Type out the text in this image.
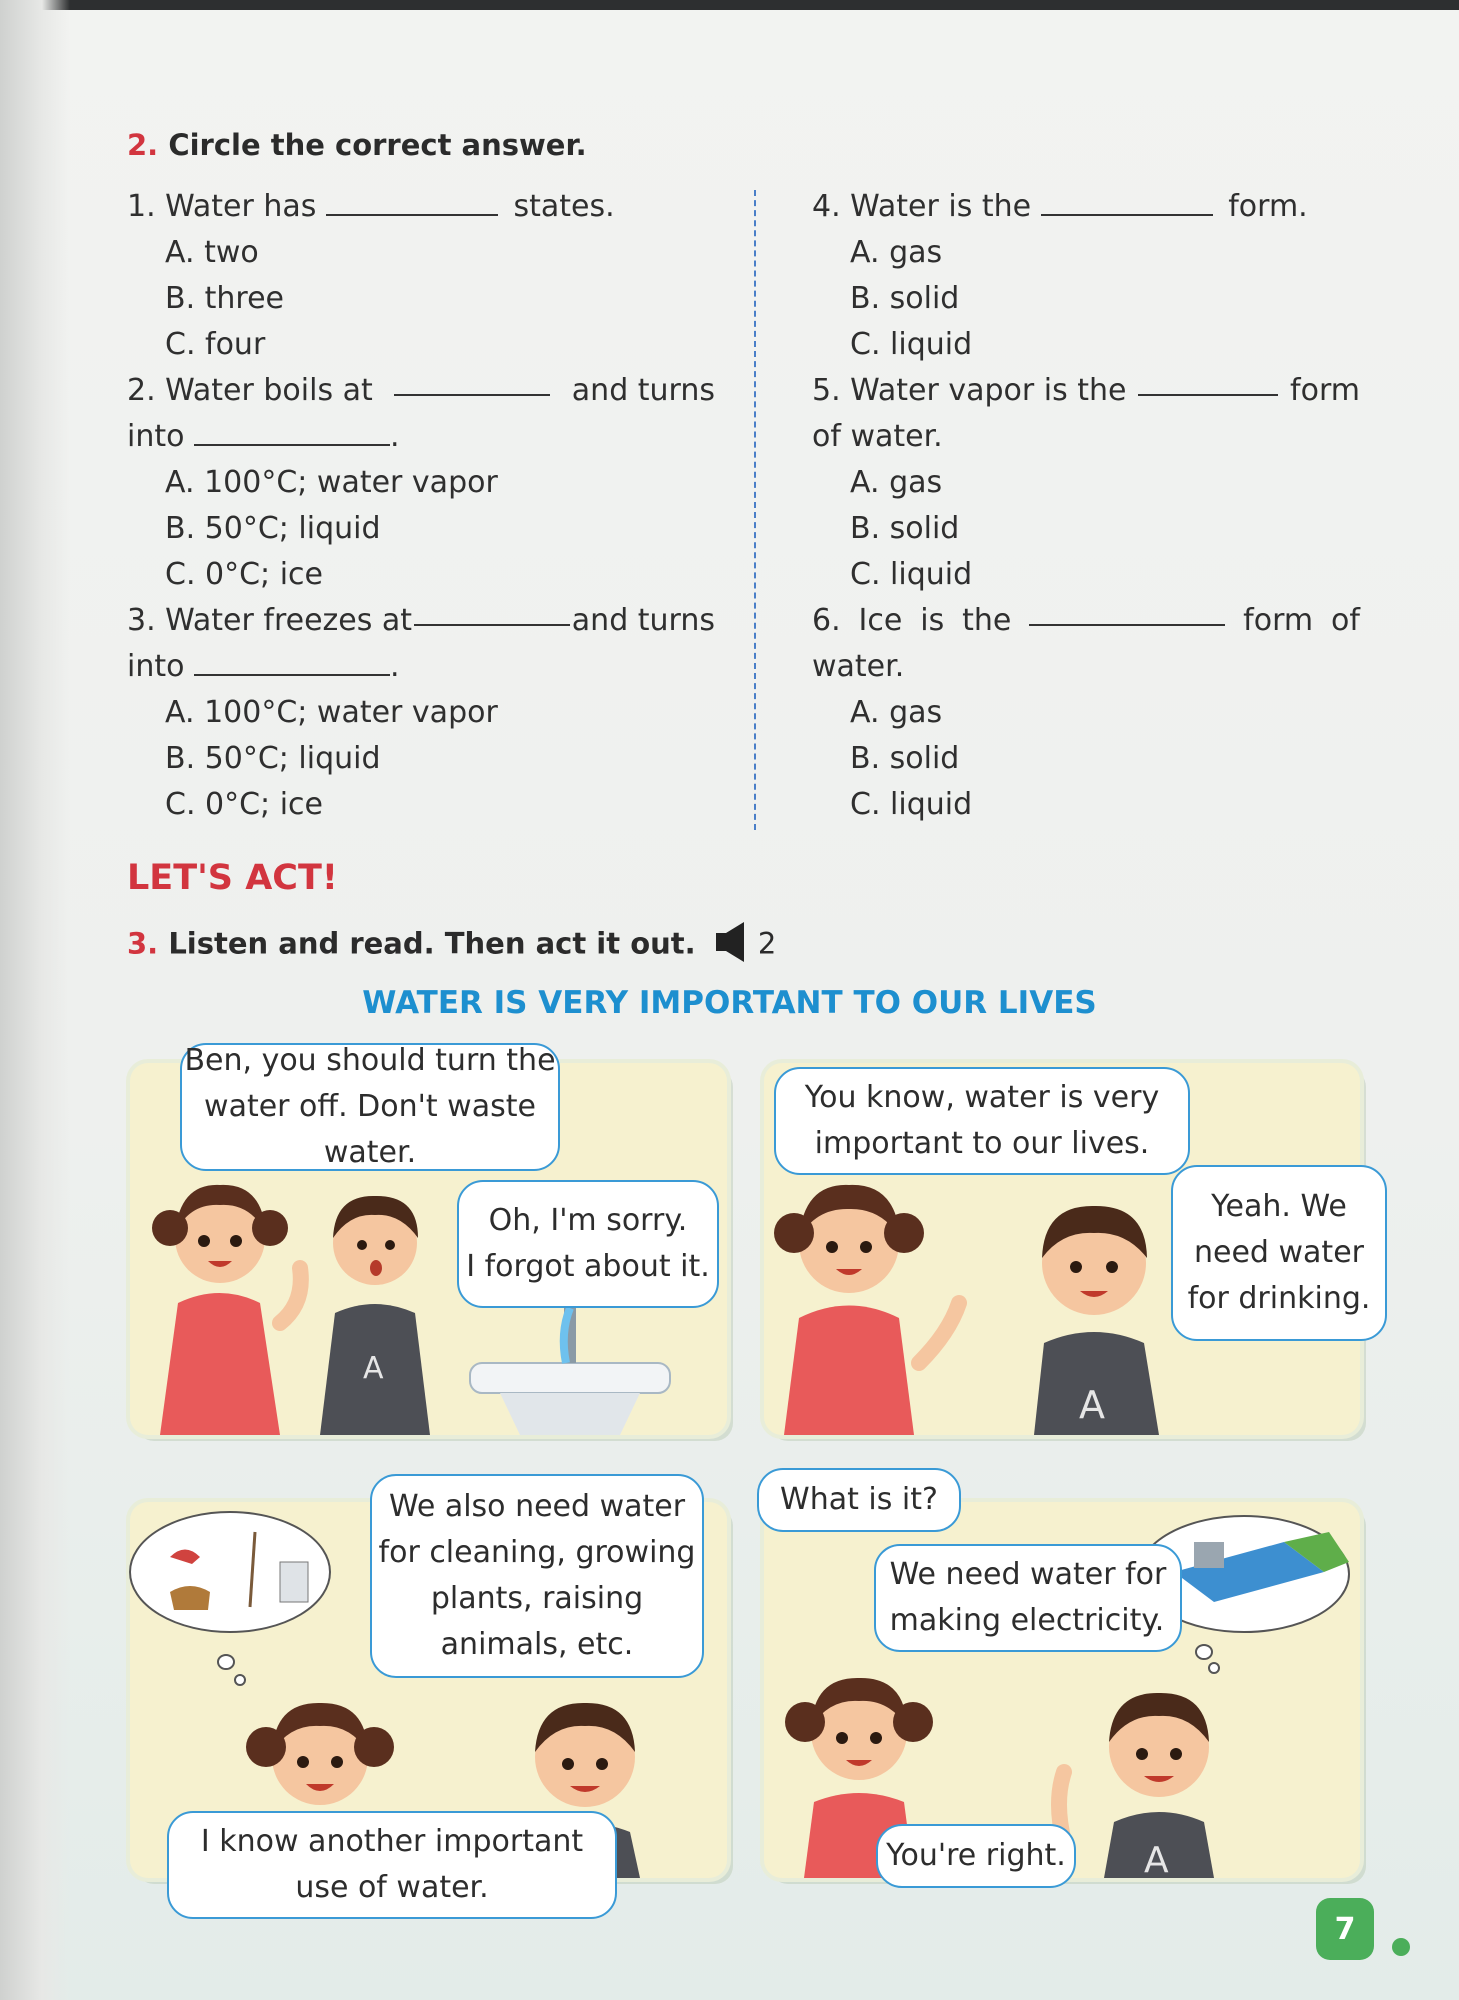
2. Circle the correct answer.
1. Water has	states.
A. two
B. three
C. four
2. Water boils at	and turns
into	.
A. 100°C; water vapor
B. 50°C; liquid
C. 0°C; ice
3. Water freezes at	and turns
into	.
A. 100°C; water vapor
B. 50°C; liquid
C. 0°C; ice
4. Water is the	form.
A. gas
B. solid
C. liquid
5. Water vapor is the	form
of water.
A. gas
B. solid
C. liquid
6. Ice is the	form of
water.
A. gas
B. solid
C. liquid
LET'S ACT!
3. Listen and read. Then act it out. 2
WATER IS VERY IMPORTANT TO OUR LIVES
A
Ben, you should turn the
water off. Don't waste water.
Oh, I'm sorry.
I forgot about it.
A
You know, water is very
important to our lives.
Yeah. We
need water
for drinking.
We also need water
for cleaning, growing
plants, raising
animals, etc.
I know another important
use of water.
A
We need water for
making electricity.
You're right.
What is it?
7
